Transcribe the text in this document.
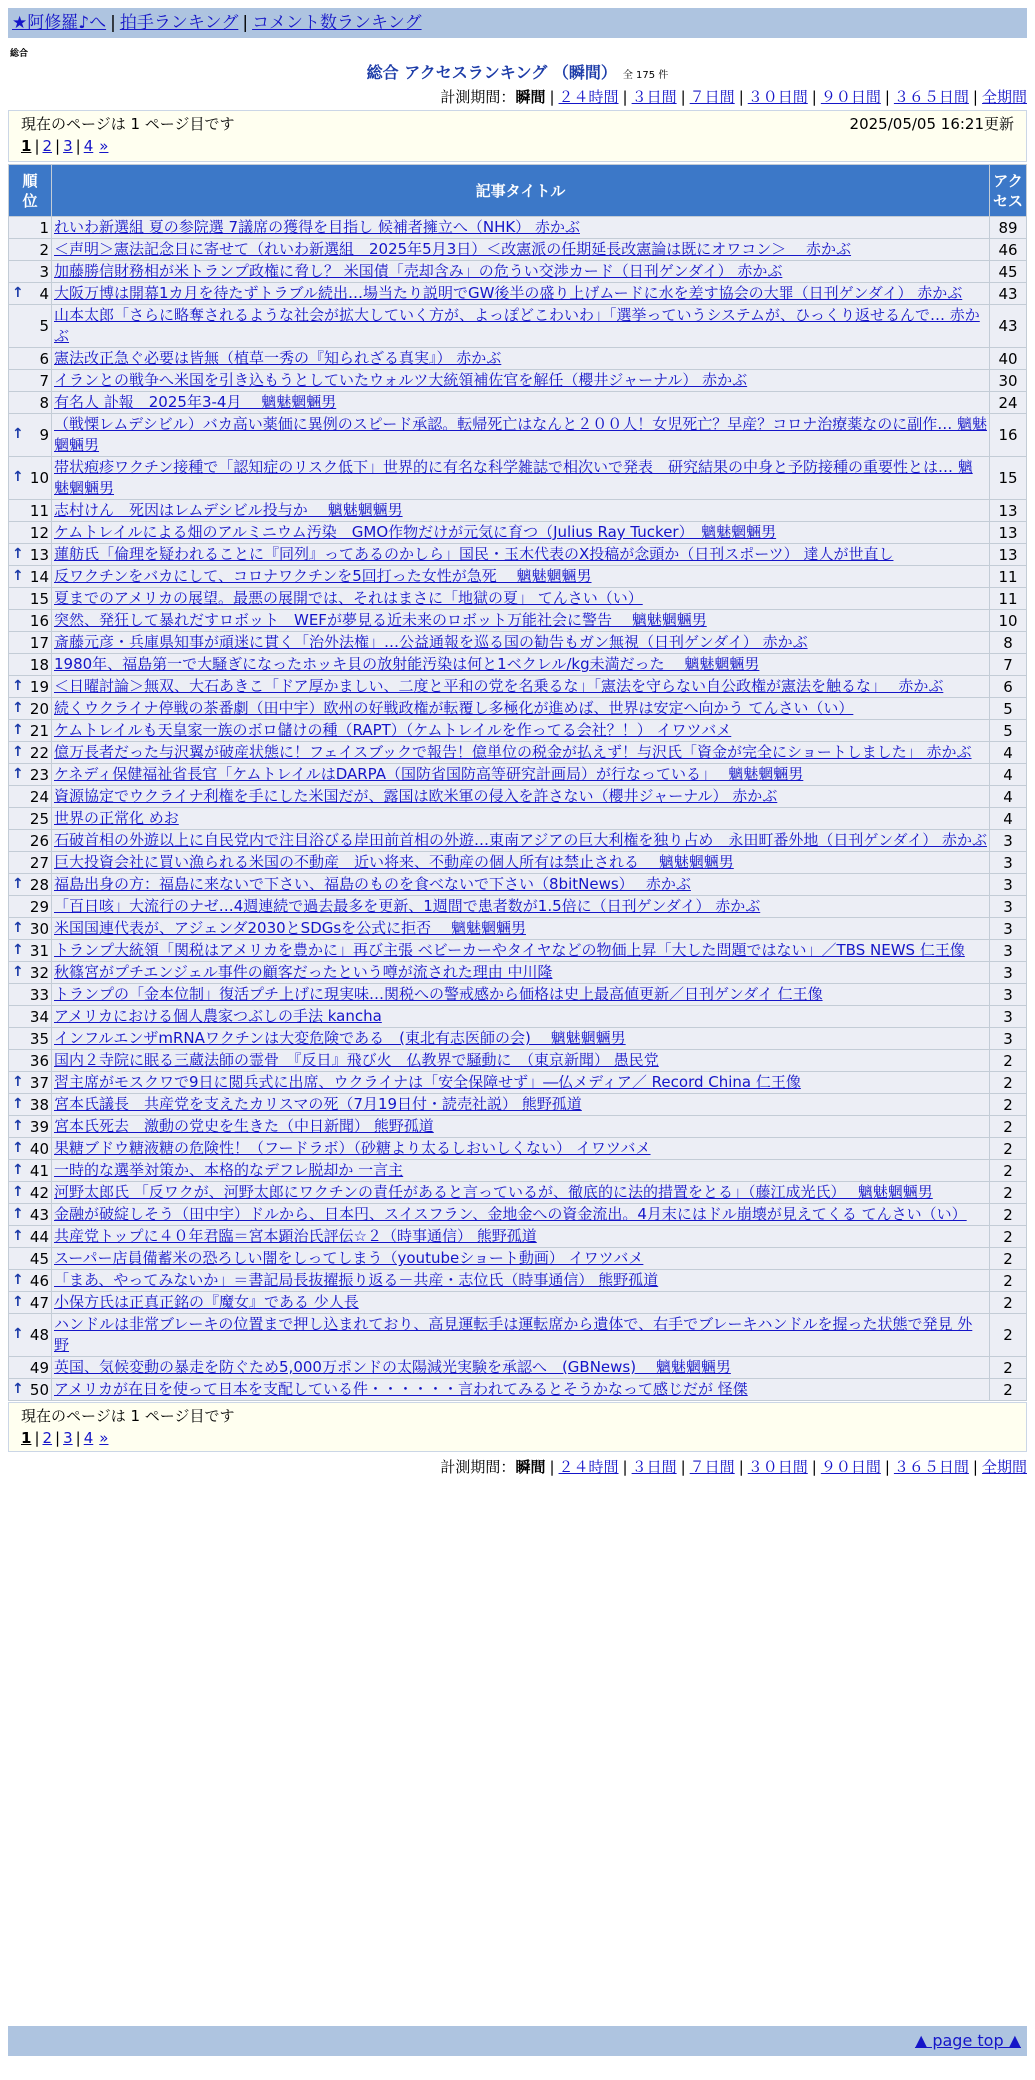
★阿修羅♪へ | 拍手ランキング | コメント数ランキング
総合
総合 アクセスランキング （瞬間） 全 175 件
計測期間：瞬間 | ２４時間 | ３日間 | ７日間 | ３０日間 | ９０日間 | ３６５日間 | 全期間
現在のページは 1 ページ目です	2025/05/05 16:21更新
1 | 2 | 3 | 4 »
順位	記事タイトル	アクセス

1	れいわ新選組 夏の参院選 7議席の獲得を目指し 候補者擁立へ（NHK） 赤かぶ	89
2	＜声明＞憲法記念日に寄せて（れいわ新選組　2025年5月3日）＜改憲派の任期延長改憲論は既にオワコン＞　 赤かぶ	46
3	加藤勝信財務相が米トランプ政権に脅し？ 米国債「売却含み」の危うい交渉カード（日刊ゲンダイ） 赤かぶ	45

↑ 4	大阪万博は開幕1カ月を待たずトラブル続出…場当たり説明でGW後半の盛り上げムードに水を差す協会の大罪（日刊ゲンダイ） 赤かぶ	43
5	山本太郎「さらに略奪されるような社会が拡大していく方が、よっぽどこわいわ」「選挙っていうシステムが、ひっくり返せるんで… 赤かぶ	43
6	憲法改正急ぐ必要は皆無（植草一秀の『知られざる真実』） 赤かぶ	40
7	イランとの戦争へ米国を引き込もうとしていたウォルツ大統領補佐官を解任（櫻井ジャーナル） 赤かぶ	30
8	有名人 訃報　2025年3-4月　 魑魅魍魎男	24

↑ 9	（戦慄レムデシビル）バカ高い薬価に異例のスピード承認。転帰死亡はなんと２００人！女児死亡？早産？コロナ治療薬なのに副作… 魑魅魍魎男	16

↑ 10	帯状疱疹ワクチン接種で「認知症のリスク低下」世界的に有名な科学雑誌で相次いで発表　研究結果の中身と予防接種の重要性とは… 魑魅魍魎男	15
11	志村けん　死因はレムデシビル投与か　 魑魅魍魎男	13
12	ケムトレイルによる畑のアルミニウム汚染　GMO作物だけが元気に育つ（Julius Ray Tucker）　魑魅魍魎男	13

↑ 13	蓮舫氏「倫理を疑われることに『同列』ってあるのかしら」国民・玉木代表のX投稿が念頭か（日刊スポーツ） 達人が世直し	13

↑ 14	反ワクチンをバカにして、コロナワクチンを5回打った女性が急死　 魑魅魍魎男	11
15	夏までのアメリカの展望。最悪の展開では、それはまさに「地獄の夏」 てんさい（い）	11
16	突然、発狂して暴れだすロボット　WEFが夢見る近未来のロボット万能社会に警告　 魑魅魍魎男	10
17	斎藤元彦・兵庫県知事が頑迷に貫く「治外法権」…公益通報を巡る国の勧告もガン無視（日刊ゲンダイ） 赤かぶ	8
18	1980年、福島第一で大騒ぎになったホッキ貝の放射能汚染は何と1ベクレル/kg未満だった　 魑魅魍魎男	7

↑ 19	＜日曜討論＞無双、大石あきこ「ドア厚かましい、二度と平和の党を名乗るな」「憲法を守らない自公政権が憲法を触るな」　 赤かぶ	6

↑ 20	続くウクライナ停戦の茶番劇（田中宇）欧州の好戦政権が転覆し多極化が進めば、世界は安定へ向かう てんさい（い）	5

↑ 21	ケムトレイルも天皇家一族のボロ儲けの種（RAPT）（ケムトレイルを作ってる会社？！） イワツバメ	5

↑ 22	億万長者だった与沢翼が破産状態に！フェイスブックで報告！億単位の税金が払えず！与沢氏「資金が完全にショートしました」 赤かぶ	4

↑ 23	ケネディ保健福祉省長官「ケムトレイルはDARPA（国防省国防高等研究計画局）が行なっている」　 魑魅魍魎男	4
24	資源協定でウクライナ利権を手にした米国だが、露国は欧米軍の侵入を許さない（櫻井ジャーナル） 赤かぶ	4
25	世界の正常化 めお	4
26	石破首相の外遊以上に自民党内で注目浴びる岸田前首相の外遊…東南アジアの巨大利権を独り占め　永田町番外地（日刊ゲンダイ） 赤かぶ	3
27	巨大投資会社に買い漁られる米国の不動産　近い将来、不動産の個人所有は禁止される　 魑魅魍魎男	3

↑ 28	福島出身の方：福島に来ないで下さい、福島のものを食べないで下さい（8bitNews）　 赤かぶ	3
29	「百日咳」大流行のナゼ…4週連続で過去最多を更新、1週間で患者数が1.5倍に（日刊ゲンダイ） 赤かぶ	3

↑ 30	米国国連代表が、アジェンダ2030とSDGsを公式に拒否　 魑魅魍魎男	3

↑ 31	トランプ大統領「関税はアメリカを豊かに」再び主張 ベビーカーやタイヤなどの物価上昇「大した問題ではない」／TBS NEWS 仁王像	3

↑ 32	秋篠宮がプチエンジェル事件の顧客だったという噂が流された理由 中川隆	3
33	トランプの「金本位制」復活プチ上げに現実味…関税への警戒感から価格は史上最高値更新／日刊ゲンダイ 仁王像	3
34	アメリカにおける個人農家つぶしの手法 kancha	3
35	インフルエンザmRNAワクチンは大変危険である　(東北有志医師の会)　 魑魅魍魎男	3
36	国内２寺院に眠る三蔵法師の霊骨　『反日』飛び火　仏教界で騒動に　（東京新聞） 愚民党	2

↑ 37	習主席がモスクワで9日に閲兵式に出席、ウクライナは「安全保障せず」―仏メディア／ Record China 仁王像	2

↑ 38	宮本氏議長　共産党を支えたカリスマの死（7月19日付・読売社説） 熊野孤道	2

↑ 39	宮本氏死去　激動の党史を生きた（中日新聞） 熊野孤道	2

↑ 40	果糖ブドウ糖液糖の危険性！（フードラボ）（砂糖より太るしおいしくない） イワツバメ	2

↑ 41	一時的な選挙対策か、本格的なデフレ脱却か 一言主	2

↑ 42	河野太郎氏 「反ワクが、河野太郎にワクチンの責任があると言っているが、徹底的に法的措置をとる」（藤江成光氏）　 魑魅魍魎男	2

↑ 43	金融が破綻しそう（田中宇）ドルから、日本円、スイスフラン、金地金への資金流出。4月末にはドル崩壊が見えてくる てんさい（い）	2

↑ 44	共産党トップに４０年君臨＝宮本顕治氏評伝☆２（時事通信） 熊野孤道	2
45	スーパー店員備蓄米の恐ろしい闇をしってしまう（youtubeショート動画） イワツバメ	2

↑ 46	「まあ、やってみないか」＝書記局長抜擢振り返る－共産・志位氏（時事通信） 熊野孤道	2

↑ 47	小保方氏は正真正銘の『魔女』である 少人長	2

↑ 48	ハンドルは非常ブレーキの位置まで押し込まれており、高見運転手は運転席から遺体で、右手でブレーキハンドルを握った状態で発見 外野	2
49	英国、気候変動の暴走を防ぐため5,000万ポンドの太陽減光実験を承認へ　(GBNews)　 魑魅魍魎男	2

↑ 50	アメリカが在日を使って日本を支配している件・・・・・・言われてみるとそうかなって感じだが 怪傑	2
現在のページは 1 ページ目です
1 | 2 | 3 | 4 »
計測期間：瞬間 | ２４時間 | ３日間 | ７日間 | ３０日間 | ９０日間 | ３６５日間 | 全期間
▲ page top ▲
